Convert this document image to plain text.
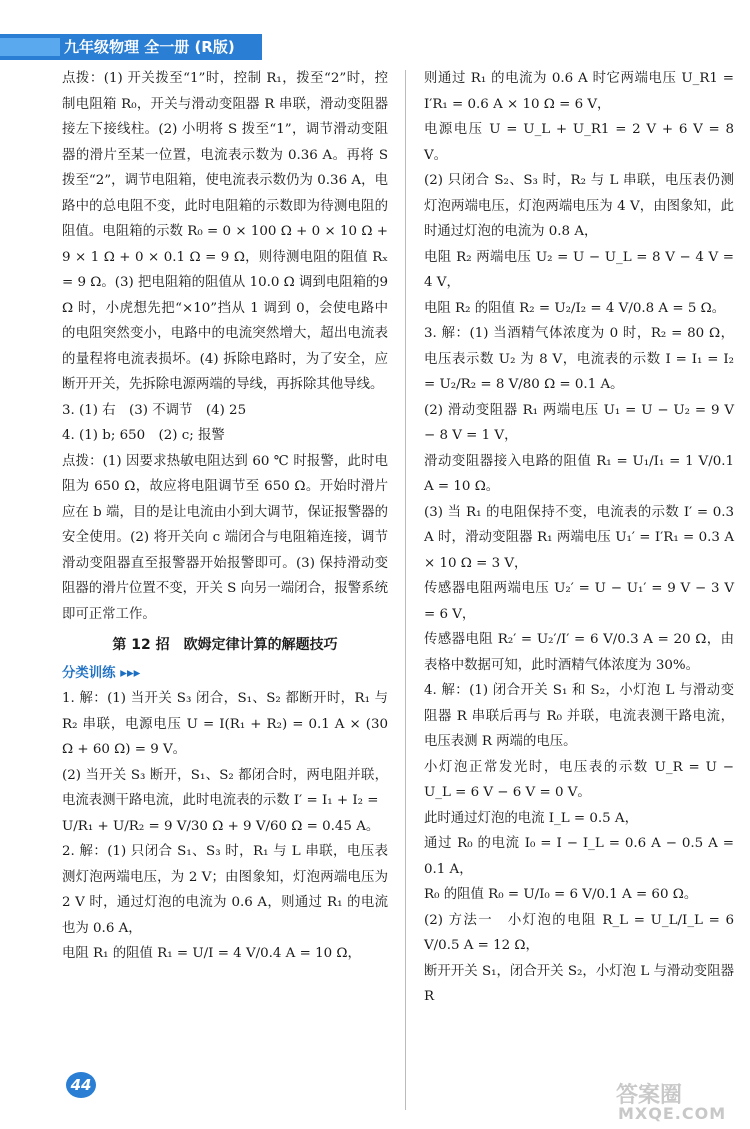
九年级物理 全一册 (R版)

点拨：(1) 开关拨至“1”时，控制 R₁，拨至“2”时，控制电阻箱 R₀，开关与滑动变阻器 R 串联，滑动变阻器接左下接线柱。(2) 小明将 S 拨至“1”，调节滑动变阻器的滑片至某一位置，电流表示数为 0.36 A。再将 S 拨至“2”，调节电阻箱，使电流表示数仍为 0.36 A，电路中的总电阻不变，此时电阻箱的示数即为待测电阻的阻值。电阻箱的示数 R₀ = 0 × 100 Ω + 0 × 10 Ω + 9 × 1 Ω + 0 × 0.1 Ω = 9 Ω，则待测电阻的阻值 Rₓ = 9 Ω。(3) 把电阻箱的阻值从 10.0 Ω 调到电阻箱的9 Ω 时，小虎想先把“×10”挡从 1 调到 0，会使电路中的电阻突然变小，电路中的电流突然增大，超出电流表的量程将电流表损坏。(4) 拆除电路时，为了安全，应断开开关，先拆除电源两端的导线，再拆除其他导线。

3. (1) 右　(3) 不调节　(4) 25

4. (1) b; 650　(2) c; 报警

点拨：(1) 因要求热敏电阻达到 60 ℃ 时报警，此时电阻为 650 Ω，故应将电阻调节至 650 Ω。开始时滑片应在 b 端，目的是让电流由小到大调节，保证报警器的安全使用。(2) 将开关向 c 端闭合与电阻箱连接，调节滑动变阻器直至报警器开始报警即可。(3) 保持滑动变阻器的滑片位置不变，开关 S 向另一端闭合，报警系统即可正常工作。

第 12 招　欧姆定律计算的解题技巧
分类训练 ▸▸▸

1. 解：(1) 当开关 S₃ 闭合，S₁、S₂ 都断开时，R₁ 与 R₂ 串联，电源电压 U = I(R₁ + R₂) = 0.1 A × (30 Ω + 60 Ω) = 9 V。

(2) 当开关 S₃ 断开，S₁、S₂ 都闭合时，两电阻并联，电流表测干路电流，此时电流表的示数 I′ = I₁ + I₂ =

U/R₁ + U/R₂ = 9 V/30 Ω + 9 V/60 Ω = 0.45 A。

2. 解：(1) 只闭合 S₁、S₃ 时，R₁ 与 L 串联，电压表测灯泡两端电压，为 2 V；由图象知，灯泡两端电压为 2 V 时，通过灯泡的电流为 0.6 A，则通过 R₁ 的电流也为 0.6 A，

电阻 R₁ 的阻值 R₁ = U/I = 4 V/0.4 A = 10 Ω，

则通过 R₁ 的电流为 0.6 A 时它两端电压 U_R1 = I′R₁ = 0.6 A × 10 Ω = 6 V，

电源电压 U = U_L + U_R1 = 2 V + 6 V = 8 V。

(2) 只闭合 S₂、S₃ 时，R₂ 与 L 串联，电压表仍测灯泡两端电压，灯泡两端电压为 4 V，由图象知，此时通过灯泡的电流为 0.8 A，

电阻 R₂ 两端电压 U₂ = U − U_L = 8 V − 4 V = 4 V，

电阻 R₂ 的阻值 R₂ = U₂/I₂ = 4 V/0.8 A = 5 Ω。

3. 解：(1) 当酒精气体浓度为 0 时，R₂ = 80 Ω，电压表示数 U₂ 为 8 V，电流表的示数 I = I₁ = I₂ = U₂/R₂ = 8 V/80 Ω = 0.1 A。

(2) 滑动变阻器 R₁ 两端电压 U₁ = U − U₂ = 9 V − 8 V = 1 V，

滑动变阻器接入电路的阻值 R₁ = U₁/I₁ = 1 V/0.1 A = 10 Ω。

(3) 当 R₁ 的电阻保持不变，电流表的示数 I′ = 0.3 A 时，滑动变阻器 R₁ 两端电压 U₁′ = I′R₁ = 0.3 A × 10 Ω = 3 V，

传感器电阻两端电压 U₂′ = U − U₁′ = 9 V − 3 V = 6 V，

传感器电阻 R₂′ = U₂′/I′ = 6 V/0.3 A = 20 Ω，由表格中数据可知，此时酒精气体浓度为 30%。

4. 解：(1) 闭合开关 S₁ 和 S₂，小灯泡 L 与滑动变阻器 R 串联后再与 R₀ 并联，电流表测干路电流，电压表测 R 两端的电压。

小灯泡正常发光时，电压表的示数 U_R = U − U_L = 6 V − 6 V = 0 V。

此时通过灯泡的电流 I_L = 0.5 A，

通过 R₀ 的电流 I₀ = I − I_L = 0.6 A − 0.5 A = 0.1 A，

R₀ 的阻值 R₀ = U/I₀ = 6 V/0.1 A = 60 Ω。

(2) 方法一　小灯泡的电阻 R_L = U_L/I_L = 6 V/0.5 A = 12 Ω，

断开开关 S₁，闭合开关 S₂，小灯泡 L 与滑动变阻器 R

44	答案圈
MXQE.COM
